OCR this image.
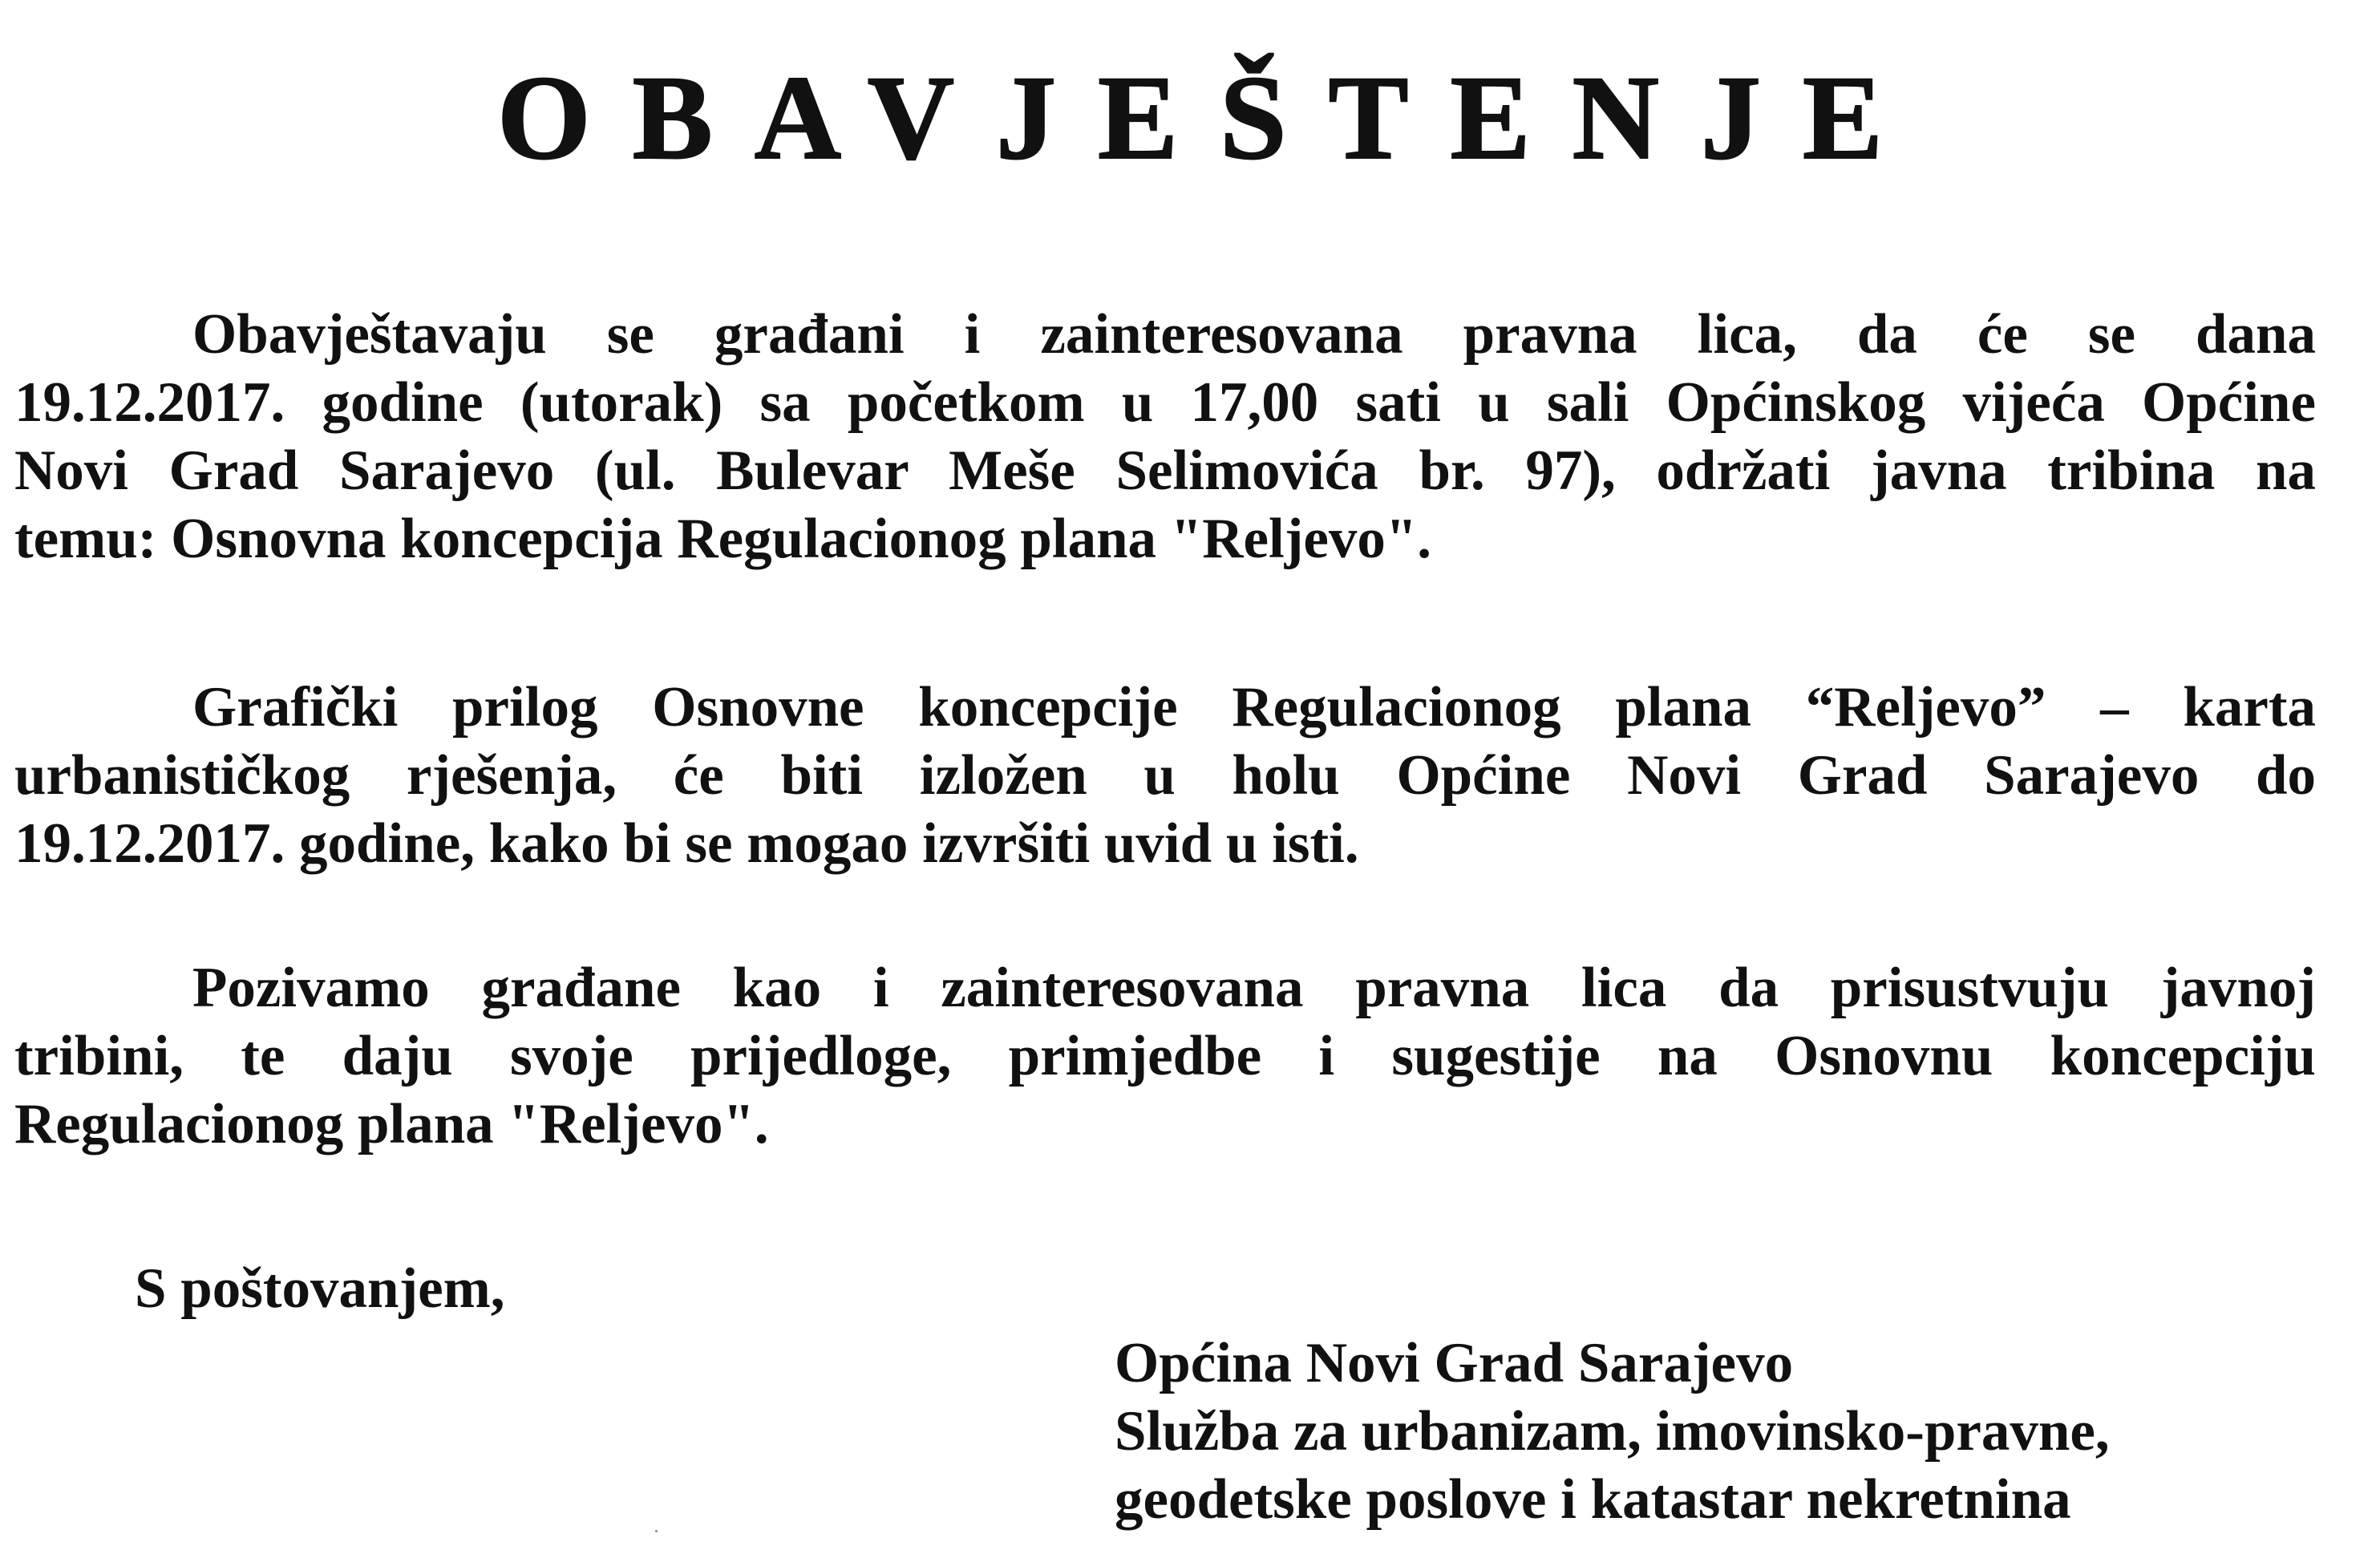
OBAVJEŠTENJE
Obavještavaju se građani i zainteresovana pravna lica, da će se dana
19.12.2017. godine (utorak) sa početkom u 17,00 sati u sali Općinskog vijeća Općine
Novi Grad Sarajevo (ul. Bulevar Meše Selimovića br. 97), održati javna tribina na
temu: Osnovna koncepcija Regulacionog plana "Reljevo".
Grafički prilog Osnovne koncepcije Regulacionog plana “Reljevo” – karta
urbanističkog rješenja, će biti izložen u holu Općine Novi Grad Sarajevo do
19.12.2017. godine, kako bi se mogao izvršiti uvid u isti.
Pozivamo građane kao i zainteresovana pravna lica da prisustvuju javnoj
tribini, te daju svoje prijedloge, primjedbe i sugestije na Osnovnu koncepciju
Regulacionog plana "Reljevo".
S poštovanjem,
Općina Novi Grad Sarajevo
Služba za urbanizam, imovinsko-pravne,
geodetske poslove i katastar nekretnina
